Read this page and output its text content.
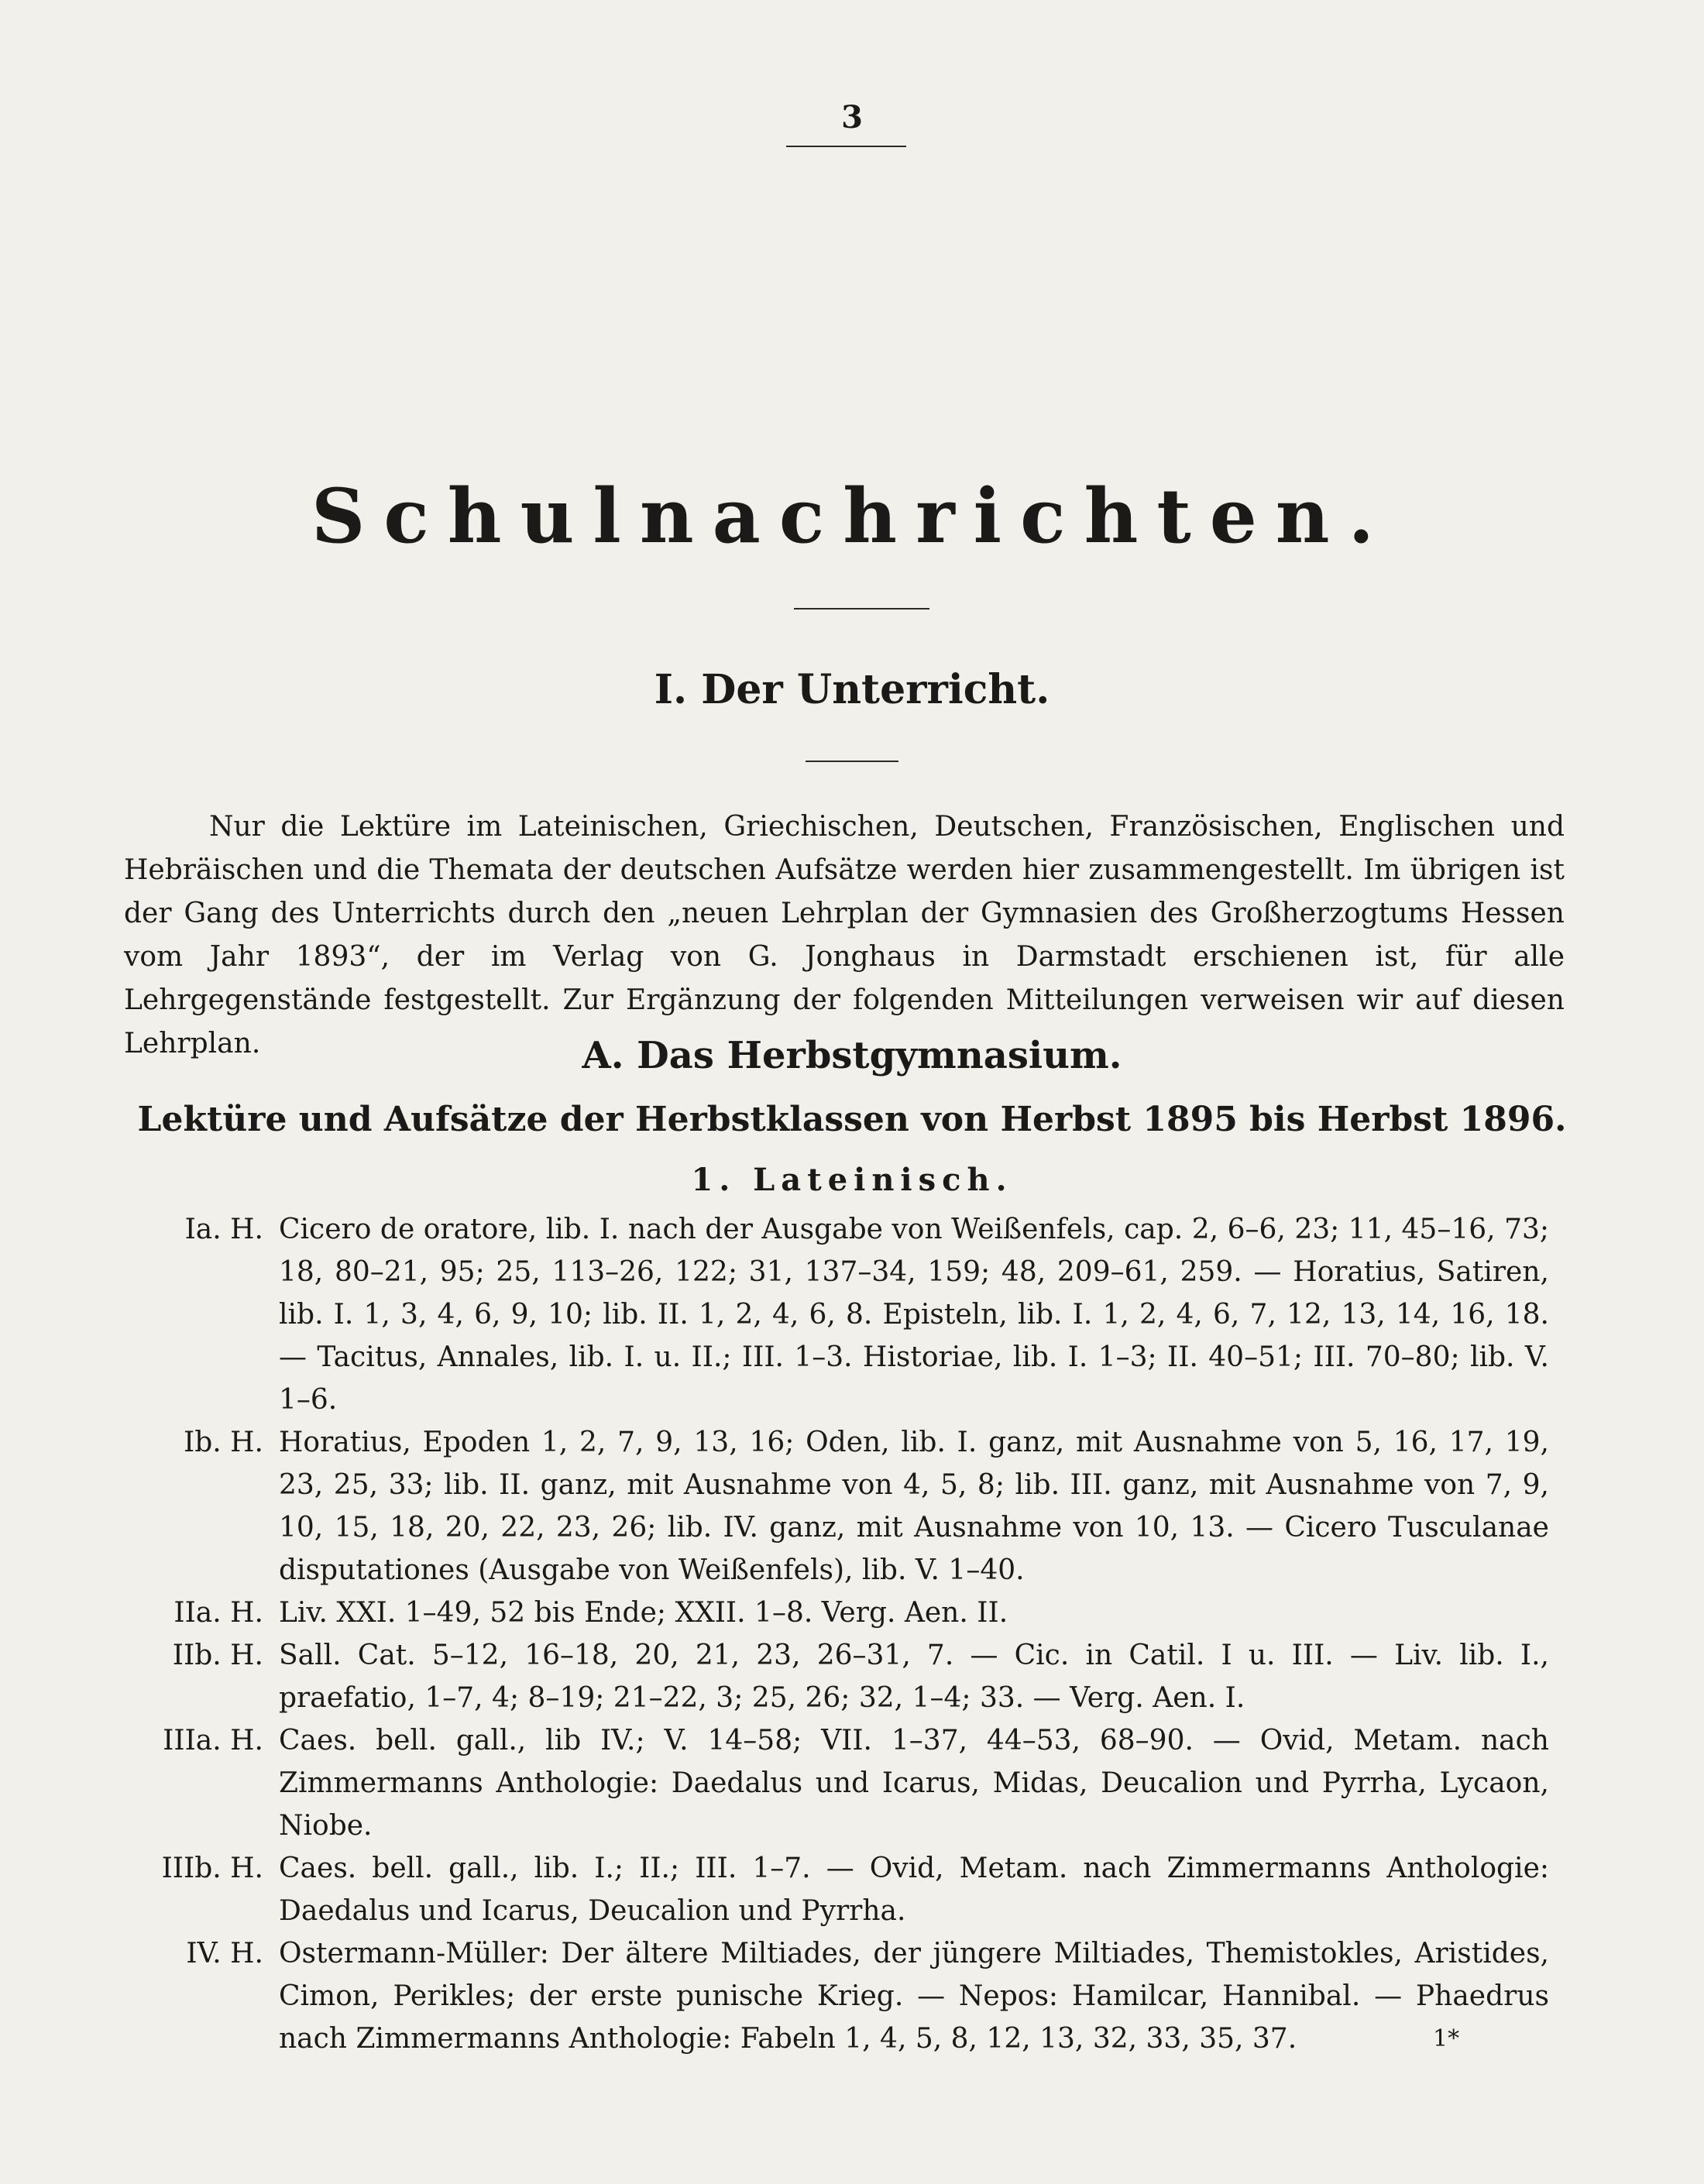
3
Schulnachrichten.
I. Der Unterricht.

Nur die Lektüre im Lateinischen, Griechischen, Deutschen, Französischen, Englischen und Hebräischen und die Themata der deutschen Aufsätze werden hier zusammengestellt. Im übrigen ist der Gang des Unterrichts durch den „neuen Lehrplan der Gymnasien des Großherzogtums Hessen vom Jahr 1893“, der im Verlag von G. Jonghaus in Darmstadt erschienen ist, für alle Lehrgegenstände festgestellt. Zur Ergänzung der folgenden Mitteilungen verweisen wir auf diesen Lehrplan.	A. Das Herbstgymnasium.
Lektüre und Aufsätze der Herbstklassen von Herbst 1895 bis Herbst 1896.
1. Lateinisch.
Ia. H. Cicero de oratore, lib. I. nach der Ausgabe von Weißenfels, cap. 2, 6–6, 23; 11, 45–16, 73; 18, 80–21, 95; 25, 113–26, 122; 31, 137–34, 159; 48, 209–61, 259. — Horatius, Satiren, lib. I. 1, 3, 4, 6, 9, 10; lib. II. 1, 2, 4, 6, 8. Episteln, lib. I. 1, 2, 4, 6, 7, 12, 13, 14, 16, 18. — Tacitus, Annales, lib. I. u. II.; III. 1–3. Historiae, lib. I. 1–3; II. 40–51; III. 70–80; lib. V. 1–6.
Ib. H. Horatius, Epoden 1, 2, 7, 9, 13, 16; Oden, lib. I. ganz, mit Ausnahme von 5, 16, 17, 19, 23, 25, 33; lib. II. ganz, mit Ausnahme von 4, 5, 8; lib. III. ganz, mit Ausnahme von 7, 9, 10, 15, 18, 20, 22, 23, 26; lib. IV. ganz, mit Ausnahme von 10, 13. — Cicero Tusculanae disputationes (Ausgabe von Weißenfels), lib. V. 1–40.
IIa. H. Liv. XXI. 1–49, 52 bis Ende; XXII. 1–8. Verg. Aen. II.
IIb. H. Sall. Cat. 5–12, 16–18, 20, 21, 23, 26–31, 7. — Cic. in Catil. I u. III. — Liv. lib. I., praefatio, 1–7, 4; 8–19; 21–22, 3; 25, 26; 32, 1–4; 33. — Verg. Aen. I.
IIIa. H. Caes. bell. gall., lib IV.; V. 14–58; VII. 1–37, 44–53, 68–90. — Ovid, Metam. nach Zimmermanns Anthologie: Daedalus und Icarus, Midas, Deucalion und Pyrrha, Lycaon, Niobe.
IIIb. H. Caes. bell. gall., lib. I.; II.; III. 1–7. — Ovid, Metam. nach Zimmermanns Anthologie: Daedalus und Icarus, Deucalion und Pyrrha.
IV. H. Ostermann-Müller: Der ältere Miltiades, der jüngere Miltiades, Themistokles, Aristides, Cimon, Perikles; der erste punische Krieg. — Nepos: Hamilcar, Hannibal. — Phaedrus nach Zimmermanns Anthologie: Fabeln 1, 4, 5, 8, 12, 13, 32, 33, 35, 37.	1*
